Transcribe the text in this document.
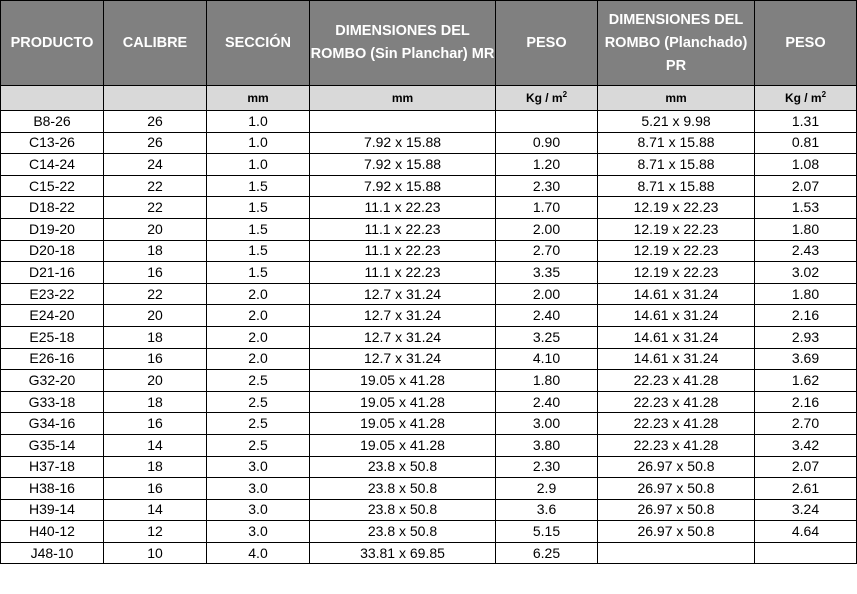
PRODUCTO	CALIBRE	SECCIÓN	DIMENSIONES DEL ROMBO (Sin Planchar) MR	PESO	DIMENSIONES DEL ROMBO (Planchado) PR	PESO
		mm	mm	Kg / $m^2$	mm	Kg / $m^2$
B8-26	26	1.0			5.21 x 9.98	1.31
C13-26	26	1.0	7.92 x 15.88	0.90	8.71 x 15.88	0.81
C14-24	24	1.0	7.92 x 15.88	1.20	8.71 x 15.88	1.08
C15-22	22	1.5	7.92 x 15.88	2.30	8.71 x 15.88	2.07
D18-22	22	1.5	11.1 x 22.23	1.70	12.19 x 22.23	1.53
D19-20	20	1.5	11.1 x 22.23	2.00	12.19 x 22.23	1.80
D20-18	18	1.5	11.1 x 22.23	2.70	12.19 x 22.23	2.43
D21-16	16	1.5	11.1 x 22.23	3.35	12.19 x 22.23	3.02
E23-22	22	2.0	12.7 x 31.24	2.00	14.61 x 31.24	1.80
E24-20	20	2.0	12.7 x 31.24	2.40	14.61 x 31.24	2.16
E25-18	18	2.0	12.7 x 31.24	3.25	14.61 x 31.24	2.93
E26-16	16	2.0	12.7 x 31.24	4.10	14.61 x 31.24	3.69
G32-20	20	2.5	19.05 x 41.28	1.80	22.23 x 41.28	1.62
G33-18	18	2.5	19.05 x 41.28	2.40	22.23 x 41.28	2.16
G34-16	16	2.5	19.05 x 41.28	3.00	22.23 x 41.28	2.70
G35-14	14	2.5	19.05 x 41.28	3.80	22.23 x 41.28	3.42
H37-18	18	3.0	23.8 x 50.8	2.30	26.97 x 50.8	2.07
H38-16	16	3.0	23.8 x 50.8	2.9	26.97 x 50.8	2.61
H39-14	14	3.0	23.8 x 50.8	3.6	26.97 x 50.8	3.24
H40-12	12	3.0	23.8 x 50.8	5.15	26.97 x 50.8	4.64
J48-10	10	4.0	33.81 x 69.85	6.25		
